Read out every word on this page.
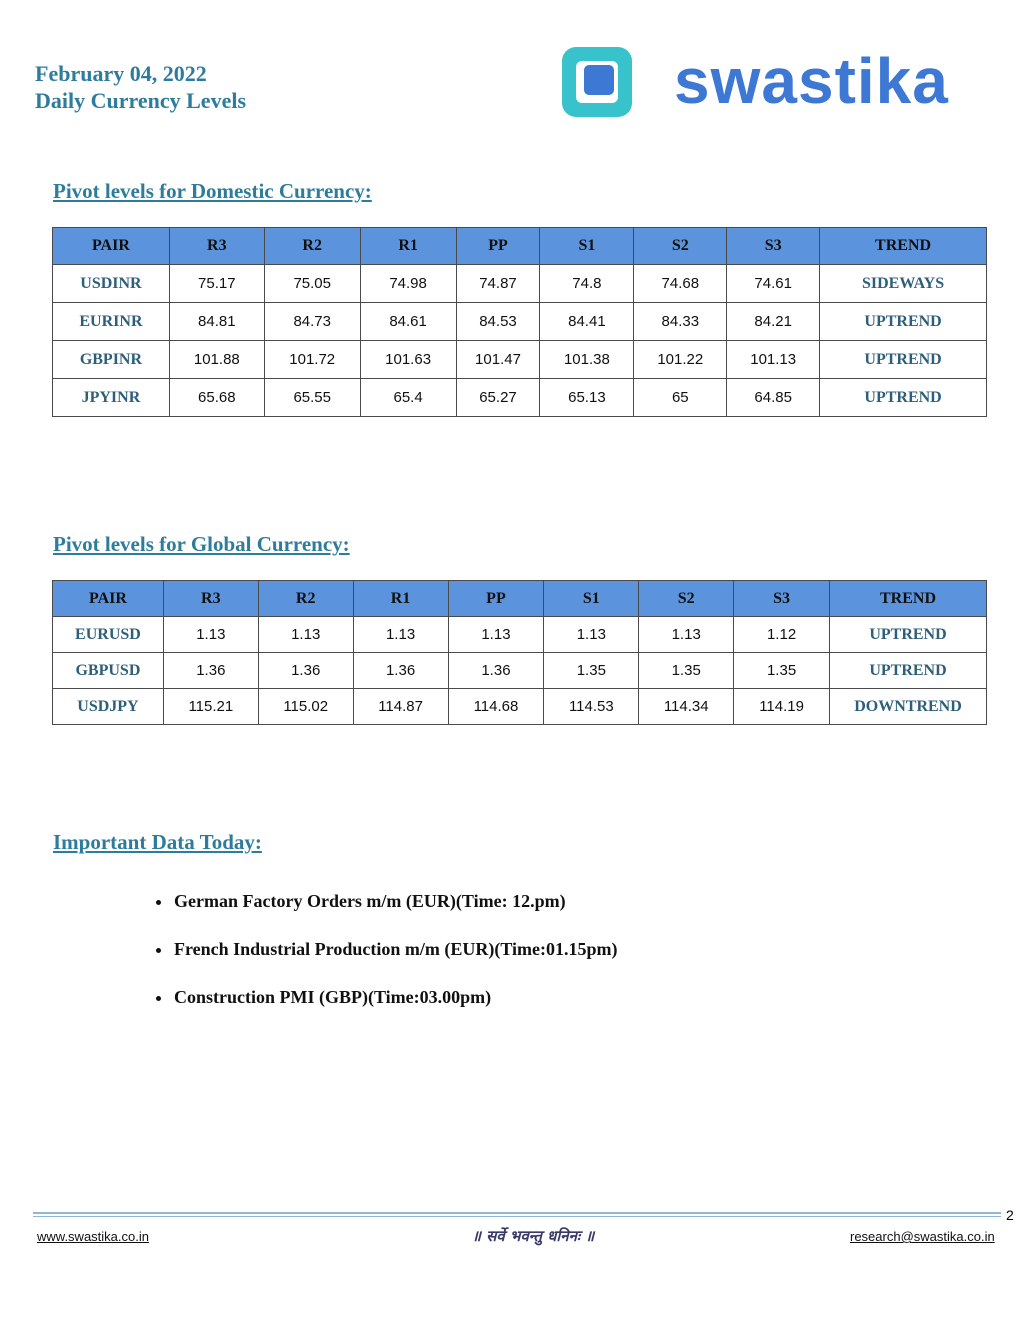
February 04, 2022
Daily Currency Levels	swastika
Pivot levels for Domestic Currency:
PAIR	R3	R2	R1	PP	S1	S2	S3	TREND
USDINR	75.17	75.05	74.98	74.87	74.8	74.68	74.61	SIDEWAYS
EURINR	84.81	84.73	84.61	84.53	84.41	84.33	84.21	UPTREND
GBPINR	101.88	101.72	101.63	101.47	101.38	101.22	101.13	UPTREND
JPYINR	65.68	65.55	65.4	65.27	65.13	65	64.85	UPTREND
Pivot levels for Global Currency:
PAIR	R3	R2	R1	PP	S1	S2	S3	TREND
EURUSD	1.13	1.13	1.13	1.13	1.13	1.13	1.12	UPTREND
GBPUSD	1.36	1.36	1.36	1.36	1.35	1.35	1.35	UPTREND
USDJPY	115.21	115.02	114.87	114.68	114.53	114.34	114.19	DOWNTREND
Important Data Today:
• German Factory Orders m/m (EUR)(Time: 12.pm)
• French Industrial Production m/m (EUR)(Time:01.15pm)
• Construction PMI (GBP)(Time:03.00pm)
2
www.swastika.co.in	॥ सर्वे भवन्तु धनिनः ॥	research@swastika.co.in
